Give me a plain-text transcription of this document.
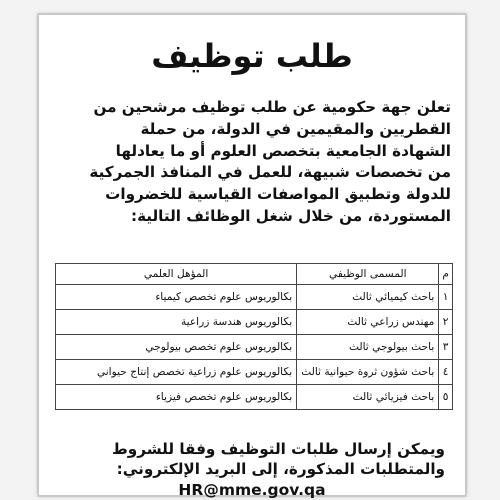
طلب توظيف
تعلن جهة حكومية عن طلب توظيف مرشحين من
القطريين والمقيمين في الدولة، من حملة
الشهادة الجامعية بتخصص العلوم أو ما يعادلها
من تخصصات شبيهة، للعمل في المنافذ الجمركية
للدولة وتطبيق المواصفات القياسية للخضروات
المستوردة، من خلال شغل الوظائف التالية:
م	المسمى الوظيفي	المؤهل العلمي
١	باحث كيميائي ثالث	بكالوريوس علوم تخصص كيمياء
٢	مهندس زراعي ثالث	بكالوريوس هندسة زراعية
٣	باحث بيولوجي ثالث	بكالوريوس علوم تخصص بيولوجي
٤	باحث شؤون ثروة حيوانية ثالث	بكالوريوس علوم زراعية تخصص إنتاج حيواني
٥	باحث فيزيائي ثالث	بكالوريوس علوم تخصص فيزياء
ويمكن إرسال طلبات التوظيف وفقا للشروط
والمتطلبات المذكورة، إلى البريد الإلكتروني:
HR@mme.gov.qa
